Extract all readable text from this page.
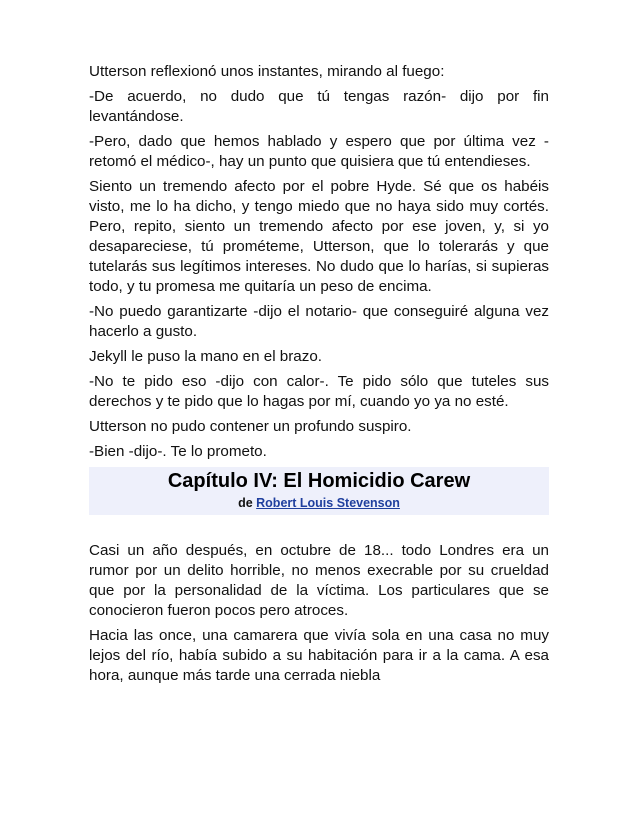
Utterson reflexionó unos instantes, mirando al fuego:

-De acuerdo, no dudo que tú tengas razón- dijo por fin levantándose.

-Pero, dado que hemos hablado y espero que por última vez -retomó el médico-, hay un punto que quisiera que tú entendieses.

Siento un tremendo afecto por el pobre Hyde. Sé que os habéis visto, me lo ha dicho, y tengo miedo que no haya sido muy cortés. Pero, repito, siento un tremendo afecto por ese joven, y, si yo desapareciese, tú prométeme, Utterson, que lo tolerarás y que tutelarás sus legítimos intereses. No dudo que lo harías, si supieras todo, y tu promesa me quitaría un peso de encima.

-No puedo garantizarte -dijo el notario- que conseguiré alguna vez hacerlo a gusto.

Jekyll le puso la mano en el brazo.

-No te pido eso -dijo con calor-. Te pido sólo que tuteles sus derechos y te pido que lo hagas por mí, cuando yo ya no esté.

Utterson no pudo contener un profundo suspiro.

-Bien -dijo-. Te lo prometo.

Capítulo IV: El Homicidio Carew

de Robert Louis Stevenson

Casi un año después, en octubre de 18... todo Londres era un rumor por un delito horrible, no menos execrable por su crueldad que por la personalidad de la víctima. Los particulares que se conocieron fueron pocos pero atroces.

Hacia las once, una camarera que vivía sola en una casa no muy lejos del río, había subido a su habitación para ir a la cama. A esa hora, aunque más tarde una cerrada niebla
